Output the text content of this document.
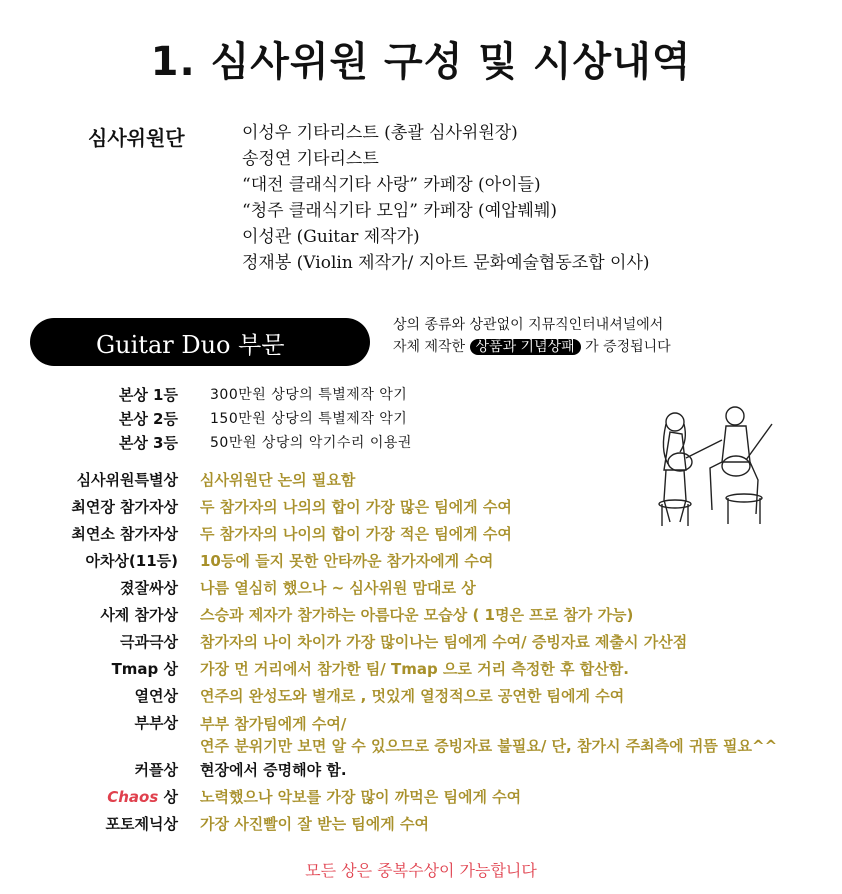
1. 심사위원 구성 및 시상내역
심사위원단	이성우 기타리스트 (총괄 심사위원장)
송정연 기타리스트
“대전 클래식기타 사랑” 카페장 (아이들)
“청주 클래식기타 모임” 카페장 (예압붸붸)
이성관 (Guitar 제작가)
정재봉 (Violin 제작가/ 지아트 문화예술협동조합 이사)
Guitar Duo 부문
상의 종류와 상관없이 지뮤직인터내셔널에서
자체 제작한 상품과 기념상패 가 증정됩니다
본상 1등 300만원 상당의 특별제작 악기
본상 2등 150만원 상당의 특별제작 악기
본상 3등 50만원 상당의 악기수리 이용권
심사위원특별상 심사위원단 논의 필요함
최연장 참가자상 두 참가자의 나의의 합이 가장 많은 팀에게 수여
최연소 참가자상 두 참가자의 나이의 합이 가장 적은 팀에게 수여
아차상(11등) 10등에 들지 못한 안타까운 참가자에게 수여
졌잘싸상 나름 열심히 했으나 ~ 심사위원 맘대로 상
사제 참가상 스승과 제자가 참가하는 아름다운 모습상 ( 1명은 프로 참가 가능)
극과극상 참가자의 나이 차이가 가장 많이나는 팀에게 수여/ 증빙자료 제출시 가산점
Tmap 상 가장 먼 거리에서 참가한 팀/ Tmap 으로 거리 측정한 후 합산함.
열연상 연주의 완성도와 별개로 , 멋있게 열정적으로 공연한 팀에게 수여
부부상 부부 참가팀에게 수여/
연주 분위기만 보면 알 수 있으므로 증빙자료 불필요/ 단, 참가시 주최측에 귀뜸 필요^^
커플상 현장에서 증명해야 함.
Chaos 상 노력했으나 악보를 가장 많이 까먹은 팀에게 수여
포토제닉상 가장 사진빨이 잘 받는 팀에게 수여
모든 상은 중복수상이 가능합니다
